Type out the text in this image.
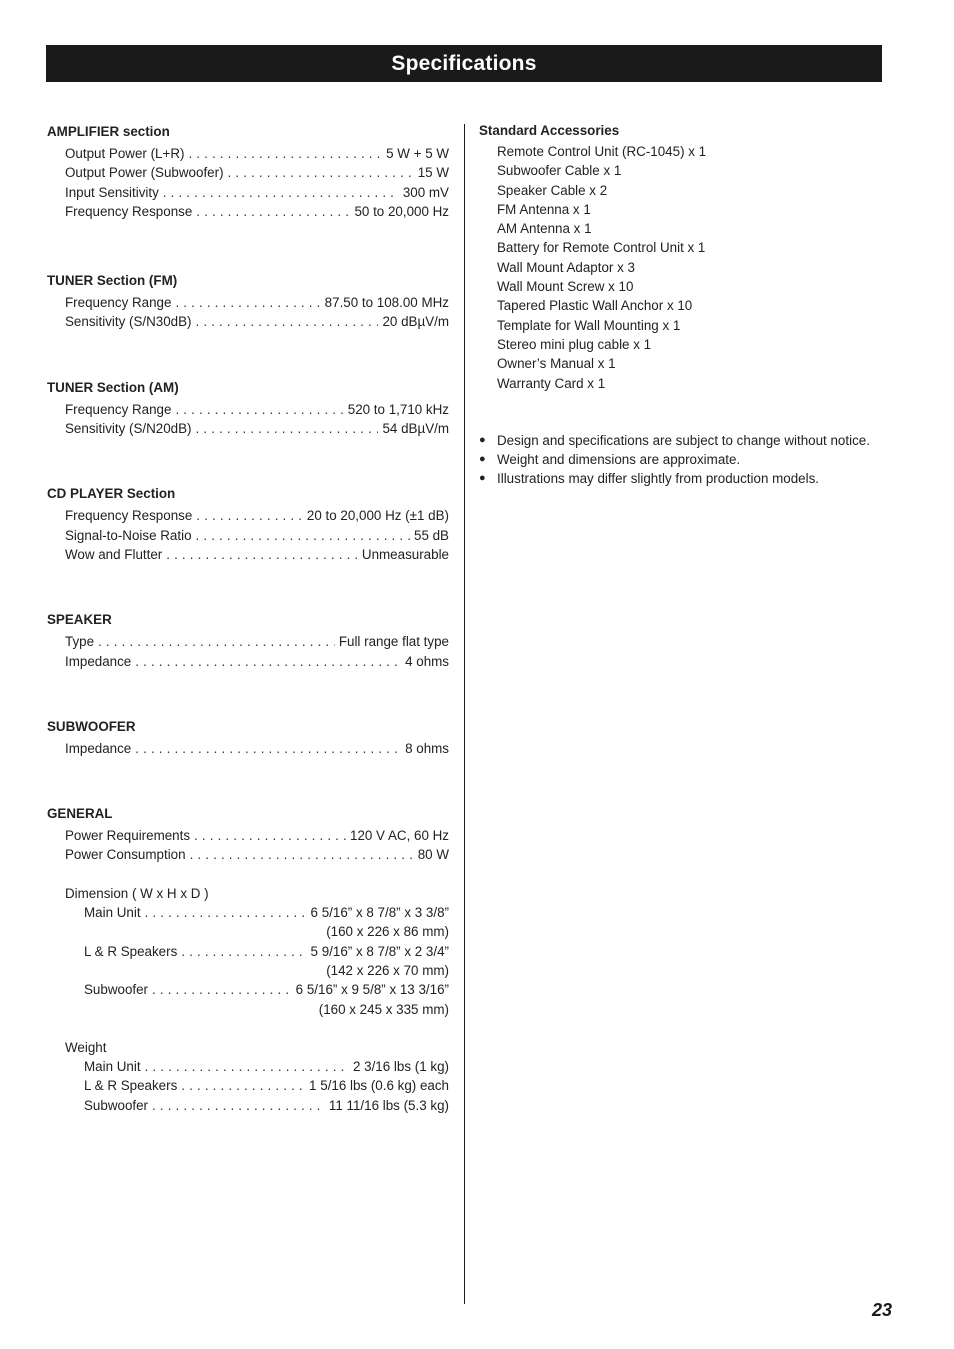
Specifications
AMPLIFIER section
Output Power (L+R) . . .	5 W + 5 W
Output Power (Subwoofer) . . .	15 W
Input Sensitivity . . .	300 mV
Frequency Response . . .	50 to 20,000 Hz
TUNER Section (FM)
Frequency Range . . .	87.50 to 108.00 MHz
Sensitivity (S/N30dB) . . .	20 dBµV/m
TUNER Section (AM)
Frequency Range . . .	520 to 1,710 kHz
Sensitivity (S/N20dB) . . .	54 dBµV/m
CD PLAYER Section
Frequency Response . . .	20 to 20,000 Hz (±1 dB)
Signal-to-Noise Ratio . . .	55 dB
Wow and Flutter . . .	Unmeasurable
SPEAKER
Type . . .	Full range flat type
Impedance . . .	4 ohms
SUBWOOFER
Impedance . . .	8 ohms
GENERAL
Power Requirements . . .	120 V AC, 60 Hz
Power Consumption . . .	80 W
Dimension ( W x H x D )
Main Unit . . .	6 5/16” x 8 7/8” x 3 3/8”
(160 x 226 x 86 mm)
L & R Speakers . . .	5 9/16” x 8 7/8” x 2 3/4”
(142 x 226 x 70 mm)
Subwoofer . . .	6 5/16” x 9 5/8” x 13 3/16”
(160 x 245 x 335 mm)
Weight
Main Unit . . .	2 3/16 lbs (1 kg)
L & R Speakers . . .	1 5/16 lbs (0.6 kg) each
Subwoofer . . .	11 11/16 lbs (5.3 kg)
Standard Accessories
Remote Control Unit (RC-1045) x 1
Subwoofer Cable x 1
Speaker Cable x 2
FM Antenna x 1
AM Antenna x 1
Battery for Remote Control Unit x 1
Wall Mount Adaptor x 3
Wall Mount Screw x 10
Tapered Plastic Wall Anchor x 10
Template for Wall Mounting x 1
Stereo mini plug cable x 1
Owner’s Manual x 1
Warranty Card x 1
● Design and specifications are subject to change without notice.
● Weight and dimensions are approximate.
● Illustrations may differ slightly from production models.
23
